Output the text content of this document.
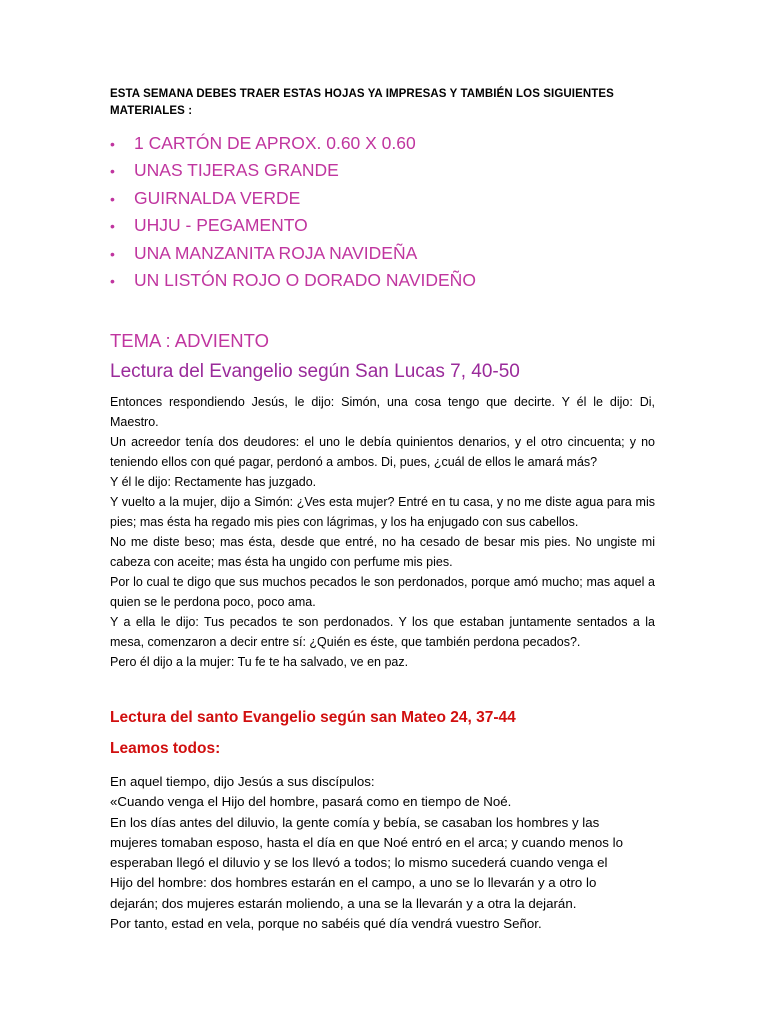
ESTA SEMANA DEBES TRAER ESTAS HOJAS YA IMPRESAS Y TAMBIÉN LOS SIGUIENTES MATERIALES :
• 1 CARTÓN DE APROX. 0.60 X 0.60
• UNAS TIJERAS GRANDE
• GUIRNALDA VERDE
• UHJU - PEGAMENTO
• UNA MANZANITA ROJA NAVIDEÑA
• UN LISTÓN ROJO O DORADO NAVIDEÑO
TEMA : ADVIENTO
Lectura del Evangelio según San Lucas 7, 40-50

Entonces respondiendo Jesús, le dijo: Simón, una cosa tengo que decirte. Y él le dijo: Di, Maestro.

Un acreedor tenía dos deudores: el uno le debía quinientos denarios, y el otro cincuenta; y no teniendo ellos con qué pagar, perdonó a ambos. Di, pues, ¿cuál de ellos le amará más?

Y él le dijo: Rectamente has juzgado.

Y vuelto a la mujer, dijo a Simón: ¿Ves esta mujer? Entré en tu casa, y no me diste agua para mis pies; mas ésta ha regado mis pies con lágrimas, y los ha enjugado con sus cabellos.

No me diste beso; mas ésta, desde que entré, no ha cesado de besar mis pies. No ungiste mi cabeza con aceite; mas ésta ha ungido con perfume mis pies.

Por lo cual te digo que sus muchos pecados le son perdonados, porque amó mucho; mas aquel a quien se le perdona poco, poco ama.

Y a ella le dijo: Tus pecados te son perdonados. Y los que estaban juntamente sentados a la mesa, comenzaron a decir entre sí: ¿Quién es éste, que también perdona pecados?.

Pero él dijo a la mujer: Tu fe te ha salvado, ve en paz.

Lectura del santo Evangelio según san Mateo 24, 37-44
Leamos todos:

En aquel tiempo, dijo Jesús a sus discípulos:

«Cuando venga el Hijo del hombre, pasará como en tiempo de Noé.

En los días antes del diluvio, la gente comía y bebía, se casaban los hombres y las

mujeres tomaban esposo, hasta el día en que Noé entró en el arca; y cuando menos lo

esperaban llegó el diluvio y se los llevó a todos; lo mismo sucederá cuando venga el

Hijo del hombre: dos hombres estarán en el campo, a uno se lo llevarán y a otro lo

dejarán; dos mujeres estarán moliendo, a una se la llevarán y a otra la dejarán.

Por tanto, estad en vela, porque no sabéis qué día vendrá vuestro Señor.
